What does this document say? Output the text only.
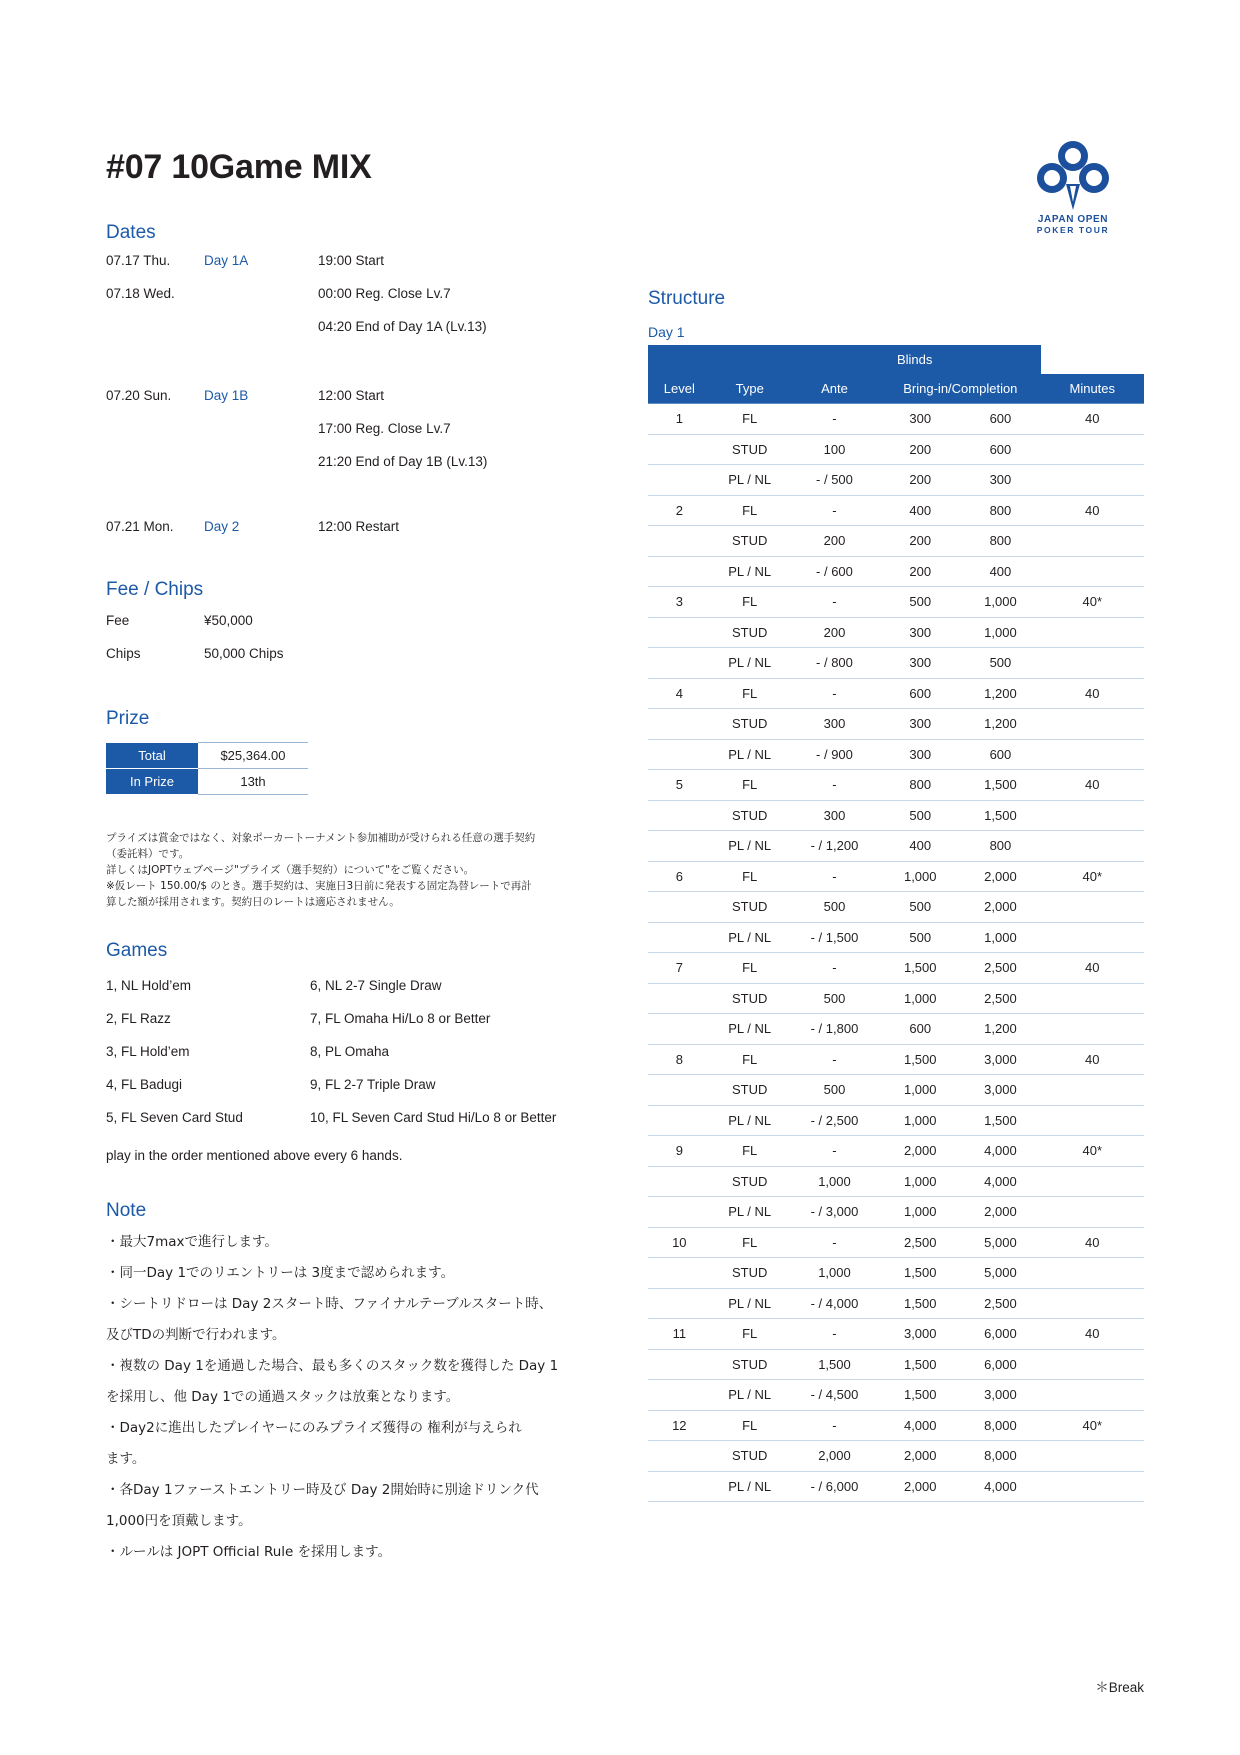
#07 10Game MIX
JAPAN OPEN
POKER TOUR
Dates
07.17 Thu. Day 1A	19:00 Start
07.18 Wed.	00:00 Reg. Close Lv.7
04:20 End of Day 1A (Lv.13)
07.20 Sun. Day 1B	12:00 Start
17:00 Reg. Close Lv.7
21:20 End of Day 1B (Lv.13)
07.21 Mon. Day 2	12:00 Restart
Fee / Chips
Fee	¥50,000
Chips	50,000 Chips
Prize
Total	$25,364.00
In Prize	13th
プライズは賞金ではなく、対象ポーカートーナメント参加補助が受けられる任意の選手契約
（委託料）です。
詳しくはJOPTウェブページ"プライズ（選手契約）について"をご覧ください。
※仮レート 150.00/$ のとき。選手契約は、実施日3日前に発表する固定為替レートで再計
算した額が採用されます。契約日のレートは適応されません。
Games
1, NL Hold’em
2, FL Razz
3, FL Hold’em
4, FL Badugi
5, FL Seven Card Stud
6, NL 2-7 Single Draw
7, FL Omaha Hi/Lo 8 or Better
8, PL Omaha
9, FL 2-7 Triple Draw
10, FL Seven Card Stud Hi/Lo 8 or Better
play in the order mentioned above every 6 hands.
Note
・最大7maxで進行します。
・同一Day 1でのリエントリーは 3度まで認められます。
・シートリドローは Day 2スタート時、ファイナルテーブルスタート時、
及びTDの判断で行われます。
・複数の Day 1を通過した場合、最も多くのスタック数を獲得した Day 1
を採用し、他 Day 1での通過スタックは放棄となります。
・Day2に進出したプレイヤーにのみプライズ獲得の 権利が与えられ
ます。
・各Day 1ファーストエントリー時及び Day 2開始時に別途ドリンク代
1,000円を頂戴します。
・ルールは JOPT Official Rule を採用します。
Structure
Day 1
		Blinds			
Level	Type	Ante	Bring-in/Completion		Minutes
1	FL	-	300	600	40
	STUD	100	200	600	
	PL / NL	- / 500	200	300	
2	FL	-	400	800	40
	STUD	200	200	800	
	PL / NL	- / 600	200	400	
3	FL	-	500	1,000	40*
	STUD	200	300	1,000	
	PL / NL	- / 800	300	500	
4	FL	-	600	1,200	40
	STUD	300	300	1,200	
	PL / NL	- / 900	300	600	
5	FL	-	800	1,500	40
	STUD	300	500	1,500	
	PL / NL	- / 1,200	400	800	
6	FL	-	1,000	2,000	40*
	STUD	500	500	2,000	
	PL / NL	- / 1,500	500	1,000	
7	FL	-	1,500	2,500	40
	STUD	500	1,000	2,500	
	PL / NL	- / 1,800	600	1,200	
8	FL	-	1,500	3,000	40
	STUD	500	1,000	3,000	
	PL / NL	- / 2,500	1,000	1,500	
9	FL	-	2,000	4,000	40*
	STUD	1,000	1,000	4,000	
	PL / NL	- / 3,000	1,000	2,000	
10	FL	-	2,500	5,000	40
	STUD	1,000	1,500	5,000	
	PL / NL	- / 4,000	1,500	2,500	
11	FL	-	3,000	6,000	40
	STUD	1,500	1,500	6,000	
	PL / NL	- / 4,500	1,500	3,000	
12	FL	-	4,000	8,000	40*
	STUD	2,000	2,000	8,000	
	PL / NL	- / 6,000	2,000	4,000	
＊Break
